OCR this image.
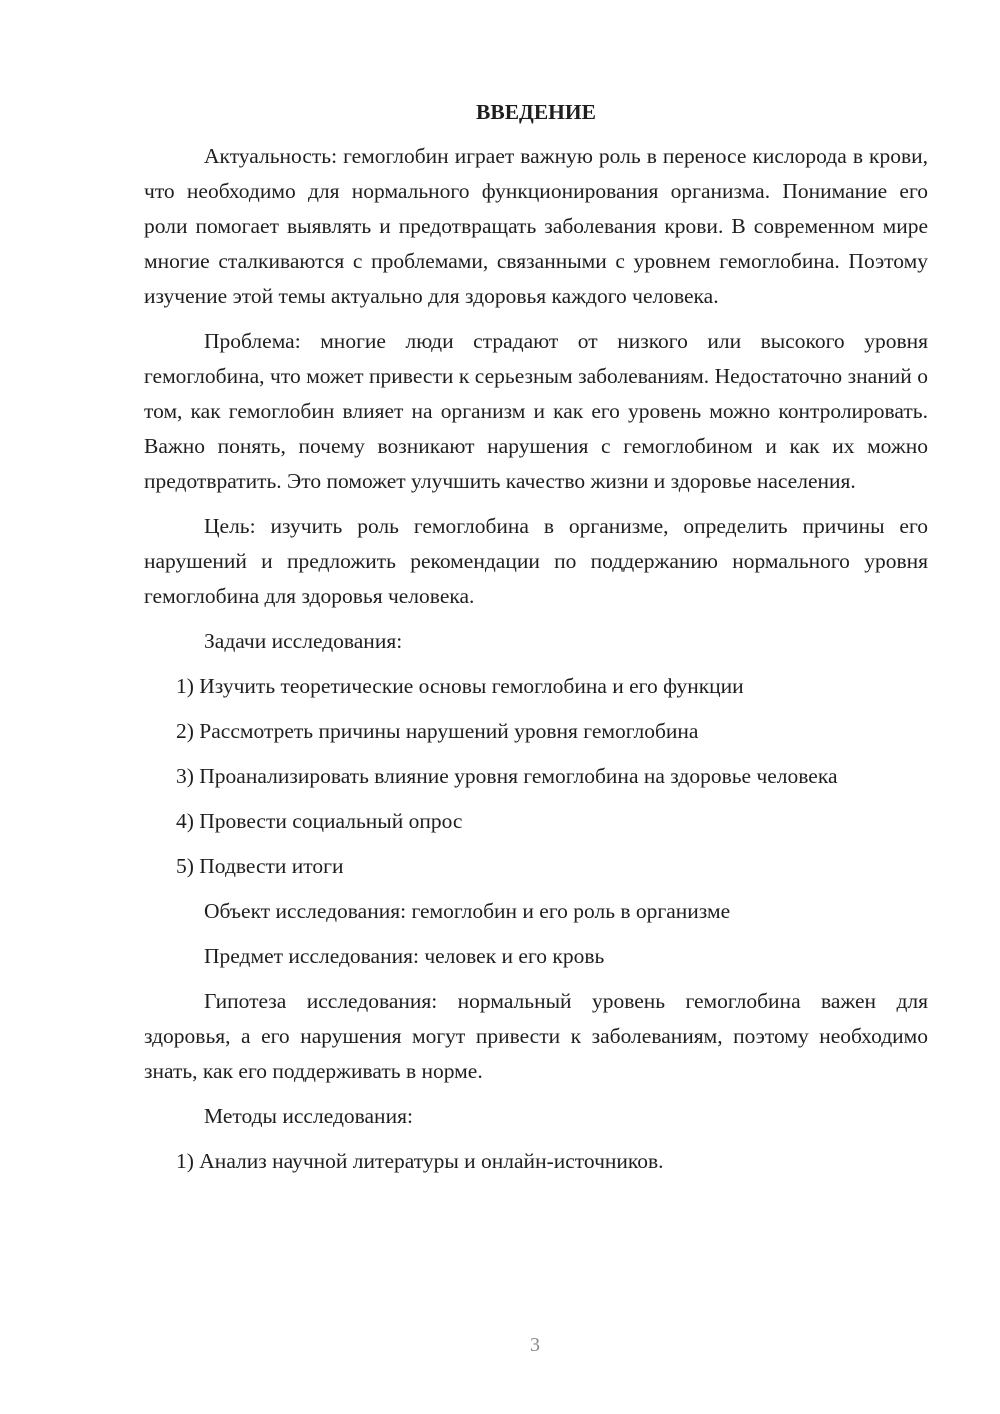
ВВЕДЕНИЕ

Актуальность: гемоглобин играет важную роль в переносе кислорода в крови, что необходимо для нормального функционирования организма. Понимание его роли помогает выявлять и предотвращать заболевания крови. В современном мире многие сталкиваются с проблемами, связанными с уровнем гемоглобина. Поэтому изучение этой темы актуально для здоровья каждого человека.

Проблема: многие люди страдают от низкого или высокого уровня гемоглобина, что может привести к серьезным заболеваниям. Недостаточно знаний о том, как гемоглобин влияет на организм и как его уровень можно контролировать. Важно понять, почему возникают нарушения с гемоглобином и как их можно предотвратить. Это поможет улучшить качество жизни и здоровье населения.

Цель: изучить роль гемоглобина в организме, определить причины его нарушений и предложить рекомендации по поддержанию нормального уровня гемоглобина для здоровья человека.

Задачи исследования:

1) Изучить теоретические основы гемоглобина и его функции

2) Рассмотреть причины нарушений уровня гемоглобина

3) Проанализировать влияние уровня гемоглобина на здоровье человека

4) Провести социальный опрос

5) Подвести итоги

Объект исследования: гемоглобин и его роль в организме

Предмет исследования: человек и его кровь

Гипотеза исследования: нормальный уровень гемоглобина важен для здоровья, а его нарушения могут привести к заболеваниям, поэтому необходимо знать, как его поддерживать в норме.

Методы исследования:

1) Анализ научной литературы и онлайн-источников.

3
